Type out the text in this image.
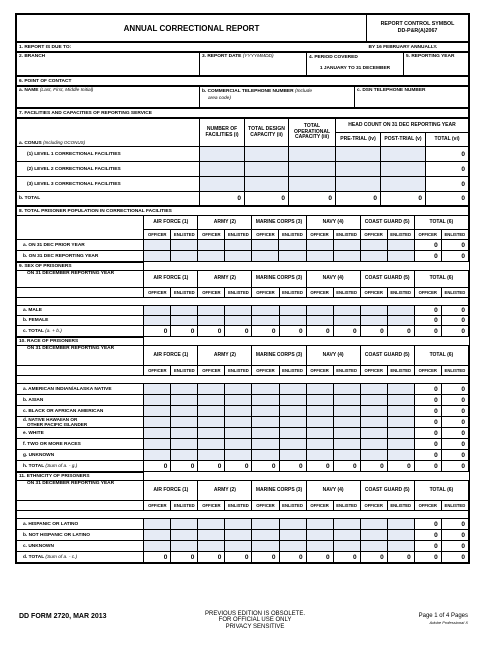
ANNUAL CORRECTIONAL REPORT	REPORT CONTROL SYMBOL
DD-P&R(A)2067
1. REPORT IS DUE TO:	BY 16 FEBRUARY ANNUALLY.
2. BRANCH	3. REPORT DATE (YYYYMMDD)	4. PERIOD COVERED
1 JANUARY TO 31 DECEMBER
	5. REPORTING YEAR
6. POINT OF CONTACT
a. NAME (Last, First, Middle Initial)	b. COMMERCIAL TELEPHONE NUMBER (Include
area code)	c. DSN TELEPHONE NUMBER
7. FACILITIES AND CAPACITIES OF REPORTING SERVICE
a. CONUS (Including OCONUS)	NUMBER OF FACILITIES (i)	TOTAL DESIGN CAPACITY (ii)	TOTAL OPERATIONAL CAPACITY (iii)	HEAD COUNT ON 31 DEC REPORTING YEAR		
				PRE-TRIAL (iv)	POST-TRIAL (v)	TOTAL (vi)
(1) LEVEL 1 CORRECTIONAL FACILITIES						0
(2) LEVEL 2 CORRECTIONAL FACILITIES						0
(3) LEVEL 3 CORRECTIONAL FACILITIES						0
b. TOTAL	0	0	0	0	0	0
8. TOTAL PRISONER POPULATION IN CORRECTIONAL FACILITIES												
	AIR FORCE (1)		ARMY (2)		MARINE CORPS (3)		NAVY (4)		COAST GUARD (5)		TOTAL (6)	
	OFFICER	ENLISTED	OFFICER	ENLISTED	OFFICER	ENLISTED	OFFICER	ENLISTED	OFFICER	ENLISTED	OFFICER	ENLISTED
a. ON 31 DEC PRIOR YEAR											0	0
b. ON 31 DEC REPORTING YEAR											0	0
9. SEX OF PRISONERS												
ON 31 DECEMBER REPORTING YEAR	AIR FORCE (1)		ARMY (2)		MARINE CORPS (3)		NAVY (4)		COAST GUARD (5)		TOTAL (6)	
	OFFICER	ENLISTED	OFFICER	ENLISTED	OFFICER	ENLISTED	OFFICER	ENLISTED	OFFICER	ENLISTED	OFFICER	ENLISTED

a. MALE											0	0
b. FEMALE											0	0
c. TOTAL (a. + b.)	0	0	0	0	0	0	0	0	0	0	0	0
10. RACE OF PRISONERS												
ON 31 DECEMBER REPORTING YEAR	AIR FORCE (1)		ARMY (2)		MARINE CORPS (3)		NAVY (4)		COAST GUARD (5)		TOTAL (6)	
	OFFICER	ENLISTED	OFFICER	ENLISTED	OFFICER	ENLISTED	OFFICER	ENLISTED	OFFICER	ENLISTED	OFFICER	ENLISTED

a. AMERICAN INDIAN/ALASKA NATIVE											0	0
b. ASIAN											0	0
c. BLACK OR AFRICAN AMERICAN											0	0

d. NATIVE HAWAIIAN OR
OTHER PACIFIC ISLANDER											0	0
e. WHITE											0	0
f. TWO OR MORE RACES											0	0
g. UNKNOWN											0	0
h. TOTAL (Sum of a. - g.)	0	0	0	0	0	0	0	0	0	0	0	0
11. ETHNICITY OF PRISONERS												
ON 31 DECEMBER REPORTING YEAR	AIR FORCE (1)		ARMY (2)		MARINE CORPS (3)		NAVY (4)		COAST GUARD (5)		TOTAL (6)	
	OFFICER	ENLISTED	OFFICER	ENLISTED	OFFICER	ENLISTED	OFFICER	ENLISTED	OFFICER	ENLISTED	OFFICER	ENLISTED

a. HISPANIC OR LATINO											0	0
b. NOT HISPANIC OR LATINO											0	0
c. UNKNOWN											0	0
d. TOTAL (Sum of a. - c.)	0	0	0	0	0	0	0	0	0	0	0	0
DD FORM 2720, MAR 2013	PREVIOUS EDITION IS OBSOLETE.
FOR OFFICIAL USE ONLY
PRIVACY SENSITIVE
Page 1 of 4 Pages
Adobe Professional X
